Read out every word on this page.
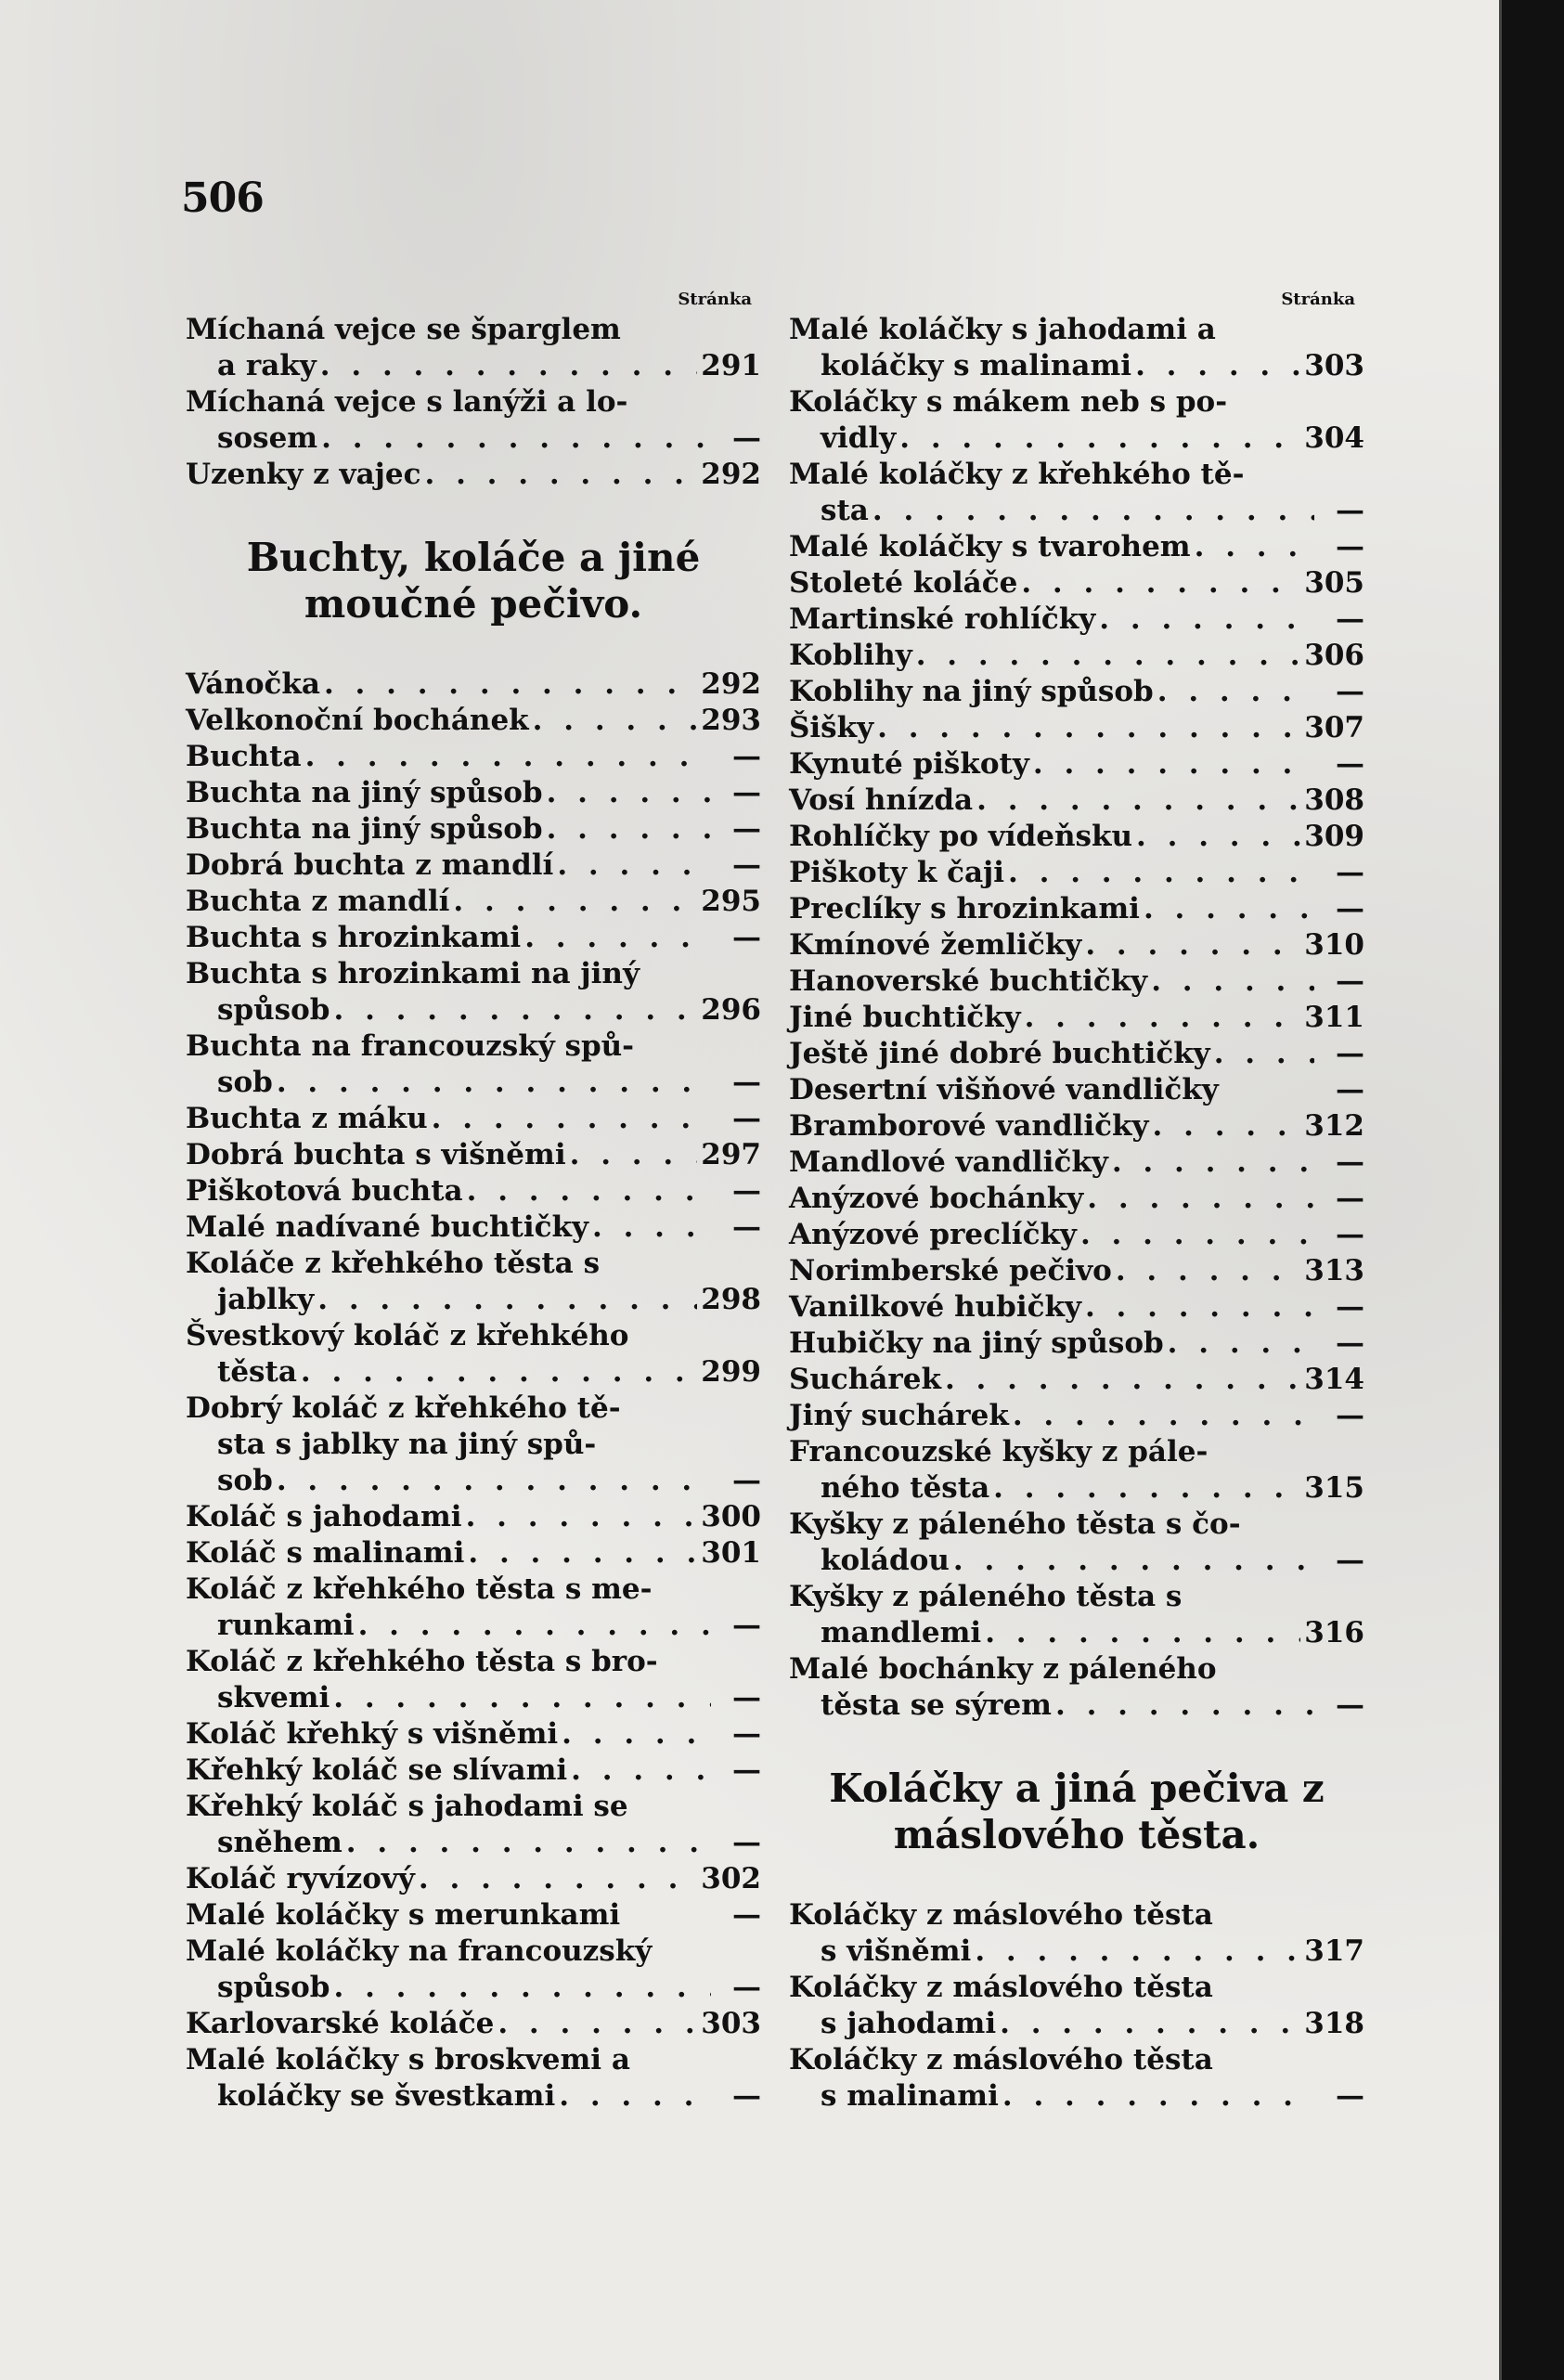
506
Stránka
Míchaná vejce se šparglem
a raky . . .	291
Míchaná vejce s lanýži a lo-
sosem . . .	—
Uzenky z vajec . . .	292
Buchty, koláče a jiné moučné pečivo.
Vánočka . . .	292
Velkonoční bochánek . . .	293
Buchta . . .	—
Buchta na jiný spůsob . . .	—
Buchta na jiný spůsob . . .	—
Dobrá buchta z mandlí . . .	—
Buchta z mandlí . . .	295
Buchta s hrozinkami . . .	—
Buchta s hrozinkami na jiný
spůsob . . .	296
Buchta na francouzský spů-
sob . . .	—
Buchta z máku . . .	—
Dobrá buchta s višněmi . . .	297
Piškotová buchta . . .	—
Malé nadívané buchtičky . . .	—
Koláče z křehkého těsta s
jablky . . .	298
Švestkový koláč z křehkého
těsta . . .	299
Dobrý koláč z křehkého tě-
sta s jablky na jiný spů-
sob . . .	—
Koláč s jahodami . . .	300
Koláč s malinami . . .	301
Koláč z křehkého těsta s me-
runkami . . .	—
Koláč z křehkého těsta s bro-
skvemi . . .	—
Koláč křehký s višněmi . . .	—
Křehký koláč se slívami . . .	—
Křehký koláč s jahodami se
sněhem . . .	—
Koláč ryvízový . . .	302
Malé koláčky s merunkami	—
Malé koláčky na francouzský
spůsob . . .	—
Karlovarské koláče . . .	303
Malé koláčky s broskvemi a
koláčky se švestkami . . .	—
Stránka
Malé koláčky s jahodami a
koláčky s malinami . . .	303
Koláčky s mákem neb s po-
vidly . . .	304
Malé koláčky z křehkého tě-
sta . . .	—
Malé koláčky s tvarohem . . .	—
Stoleté koláče . . .	305
Martinské rohlíčky . . .	—
Koblihy . . .	306
Koblihy na jiný spůsob . . .	—
Šišky . . .	307
Kynuté piškoty . . .	—
Vosí hnízda . . .	308
Rohlíčky po vídeňsku . . .	309
Piškoty k čaji . . .	—
Preclíky s hrozinkami . . .	—
Kmínové žemličky . . .	310
Hanoverské buchtičky . . .	—
Jiné buchtičky . . .	311
Ještě jiné dobré buchtičky . . .	—
Desertní višňové vandličky	—
Bramborové vandličky . . .	312
Mandlové vandličky . . .	—
Anýzové bochánky . . .	—
Anýzové preclíčky . . .	—
Norimberské pečivo . . .	313
Vanilkové hubičky . . .	—
Hubičky na jiný spůsob . . .	—
Suchárek . . .	314
Jiný suchárek . . .	—
Francouzské kyšky z pále-
ného těsta . . .	315
Kyšky z páleného těsta s čo-
koládou . . .	—
Kyšky z páleného těsta s
mandlemi . . .	316
Malé bochánky z páleného
těsta se sýrem . . .	—
Koláčky a jiná pečiva z máslového těsta.
Koláčky z máslového těsta
s višněmi . . .	317
Koláčky z máslového těsta
s jahodami . . .	318
Koláčky z máslového těsta
s malinami . . .	—
